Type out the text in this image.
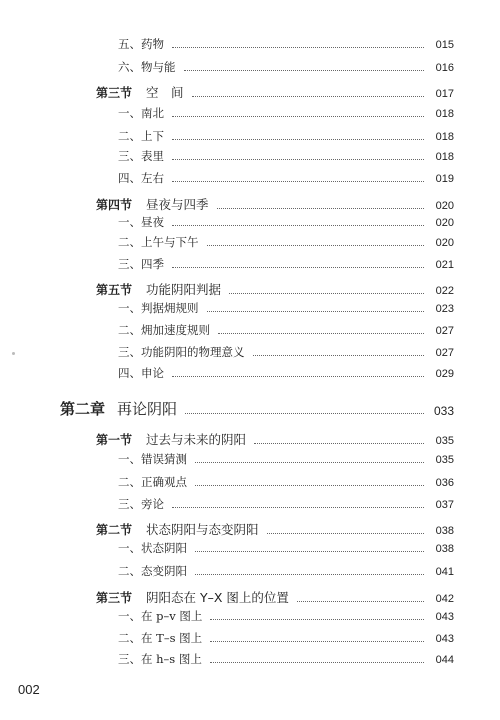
五、药物	015
六、物与能	016
第三节 空　间	017
一、南北	018
二、上下	018
三、表里	018
四、左右	019
第四节 昼夜与四季	020
一、昼夜	020
二、上午与下午	020
三、四季	021
第五节 功能阴阳判据	022
一、判据㶲规则	023
二、㶲加速度规则	027
三、功能阴阳的物理意义	027
四、申论	029
第二章 再论阴阳	033
第一节 过去与未来的阴阳	035
一、错误猜测	035
二、正确观点	036
三、旁论	037
第二节 状态阴阳与态变阴阳	038
一、状态阴阳	038
二、态变阴阳	041
第三节 阴阳态在 Y–X 图上的位置	042
一、在 p–v 图上	043
二、在 T–s 图上	043
三、在 h–s 图上	044
002
